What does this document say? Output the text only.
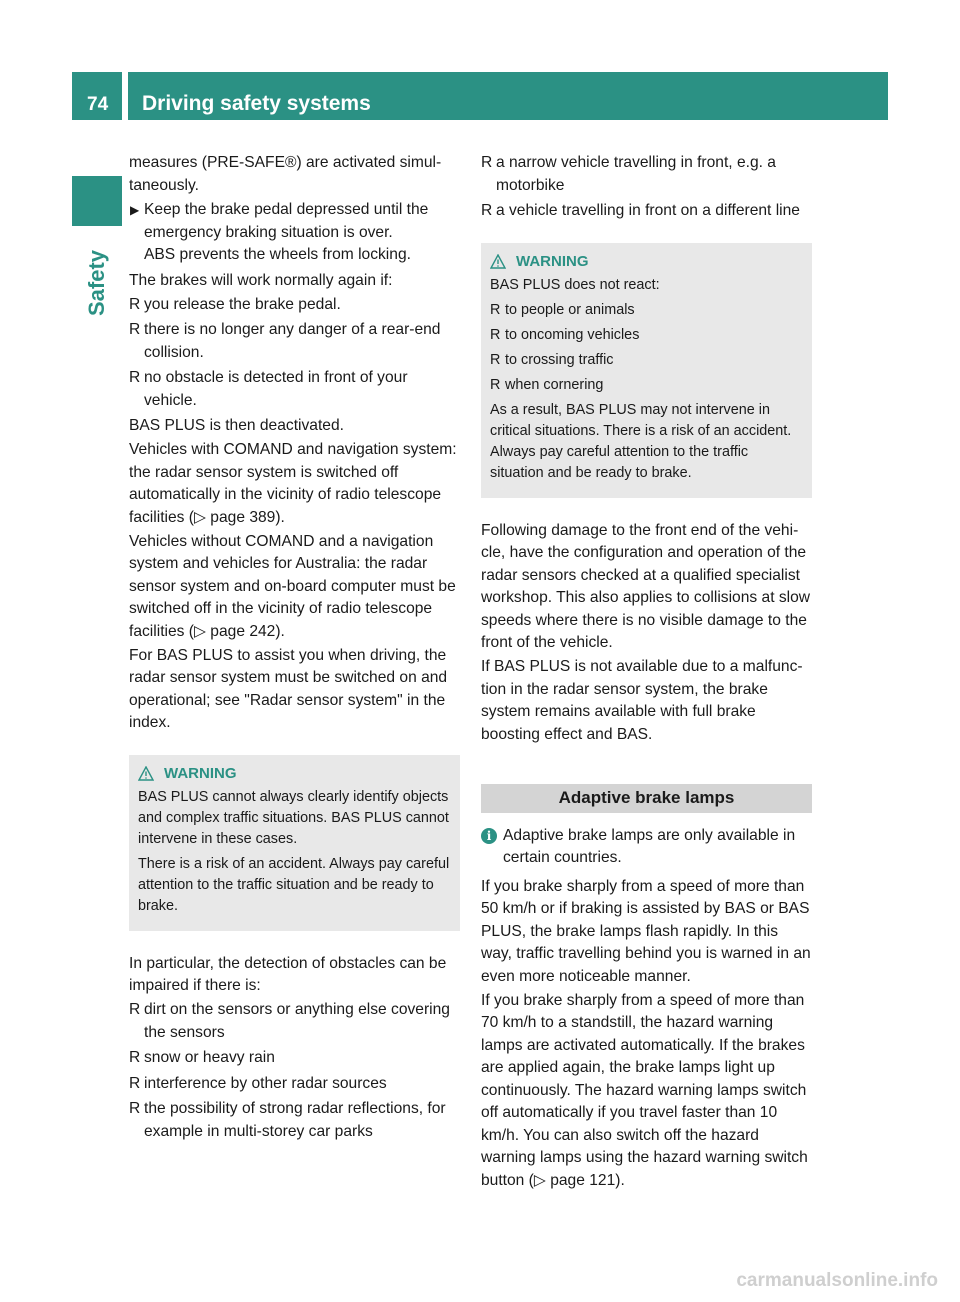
74	Driving safety systems
Safety

measures (PRE-SAFE®) are activated simultaneously.

▶ Keep the brake pedal depressed until the emergency braking situation is over.
ABS prevents the wheels from locking.

The brakes will work normally again if:

R you release the brake pedal.
R there is no longer any danger of a rear-end collision.
R no obstacle is detected in front of your vehicle.

BAS PLUS is then deactivated.

Vehicles with COMAND and navigation system: the radar sensor system is switched off automatically in the vicinity of radio telescope facilities (▷ page 389).

Vehicles without COMAND and a navigation system and vehicles for Australia: the radar sensor system and on-board computer must be switched off in the vicinity of radio telescope facilities (▷ page 242).

For BAS PLUS to assist you when driving, the radar sensor system must be switched on and operational; see "Radar sensor system" in the index.

WARNING

BAS PLUS cannot always clearly identify objects and complex traffic situations. BAS PLUS cannot intervene in these cases.

There is a risk of an accident. Always pay careful attention to the traffic situation and be ready to brake.

In particular, the detection of obstacles can be impaired if there is:

R dirt on the sensors or anything else covering the sensors
R snow or heavy rain
R interference by other radar sources
R the possibility of strong radar reflections, for example in multi-storey car parks
R a narrow vehicle travelling in front, e.g. a motorbike
R a vehicle travelling in front on a different line
WARNING

BAS PLUS does not react:

R to people or animals
R to oncoming vehicles
R to crossing traffic
R when cornering

As a result, BAS PLUS may not intervene in critical situations. There is a risk of an accident. Always pay careful attention to the traffic situation and be ready to brake.

Following damage to the front end of the vehicle, have the configuration and operation of the radar sensors checked at a qualified specialist workshop. This also applies to collisions at slow speeds where there is no visible damage to the front of the vehicle.

If BAS PLUS is not available due to a malfunction in the radar sensor system, the brake system remains available with full brake boosting effect and BAS.

Adaptive brake lamps
i Adaptive brake lamps are only available in certain countries.

If you brake sharply from a speed of more than 50 km/h or if braking is assisted by BAS or BAS PLUS, the brake lamps flash rapidly. In this way, traffic travelling behind you is warned in an even more noticeable manner.

If you brake sharply from a speed of more than 70 km/h to a standstill, the hazard warning lamps are activated automatically. If the brakes are applied again, the brake lamps light up continuously. The hazard warning lamps switch off automatically if you travel faster than 10 km/h. You can also switch off the hazard warning lamps using the hazard warning switch button (▷ page 121).

carmanualsonline.info
